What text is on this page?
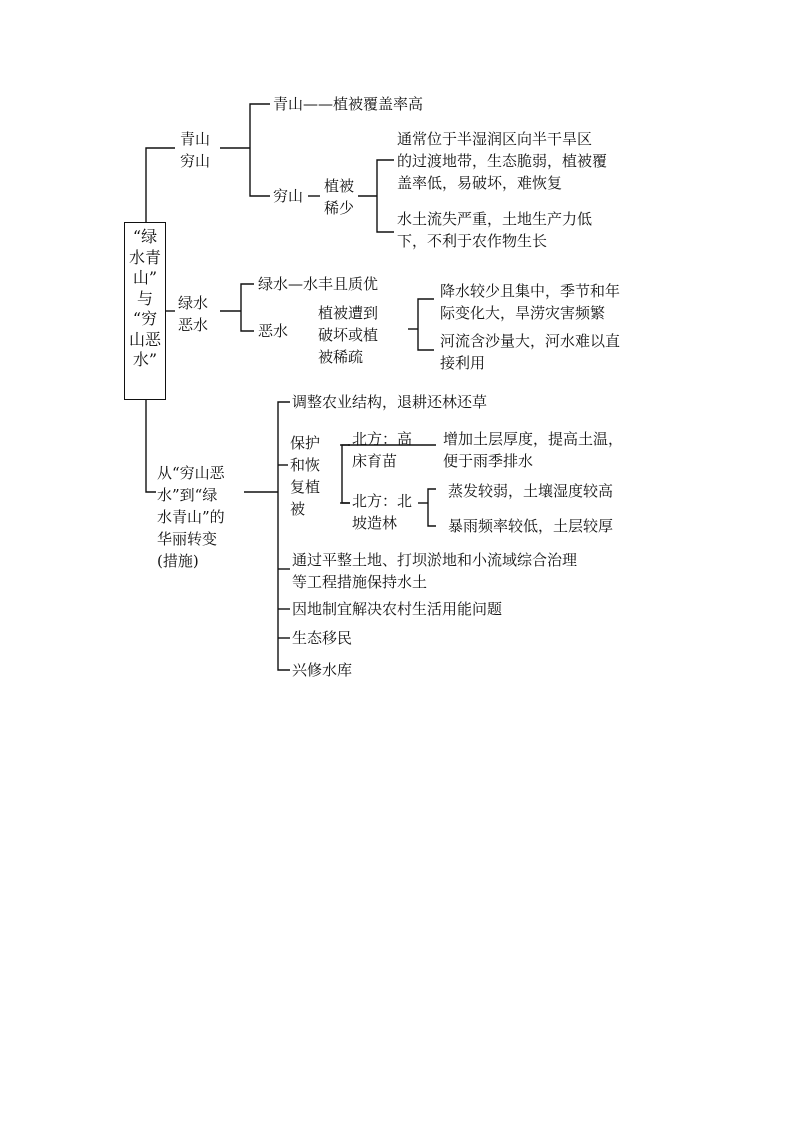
“绿
水青
山”
与
“穷
山恶
水”
青山
穷山
青山——植被覆盖率高
穷山
植被
稀少
通常位于半湿润区向半干旱区
的过渡地带，生态脆弱，植被覆
盖率低，易破坏，难恢复
水土流失严重，土地生产力低
下，不利于农作物生长
绿水
恶水
绿水—水丰且质优
恶水
植被遭到
破坏或植
被稀疏
降水较少且集中，季节和年
际变化大，旱涝灾害频繁
河流含沙量大，河水难以直
接利用
从“穷山恶
水”到“绿
水青山”的
华丽转变
(措施)
调整农业结构，退耕还林还草
保护
和恢
复植
被
北方：高
床育苗
增加土层厚度，提高土温，
便于雨季排水
北方：北
坡造林
蒸发较弱，土壤湿度较高
暴雨频率较低，土层较厚
通过平整土地、打坝淤地和小流域综合治理
等工程措施保持水土
因地制宜解决农村生活用能问题
生态移民
兴修水库
